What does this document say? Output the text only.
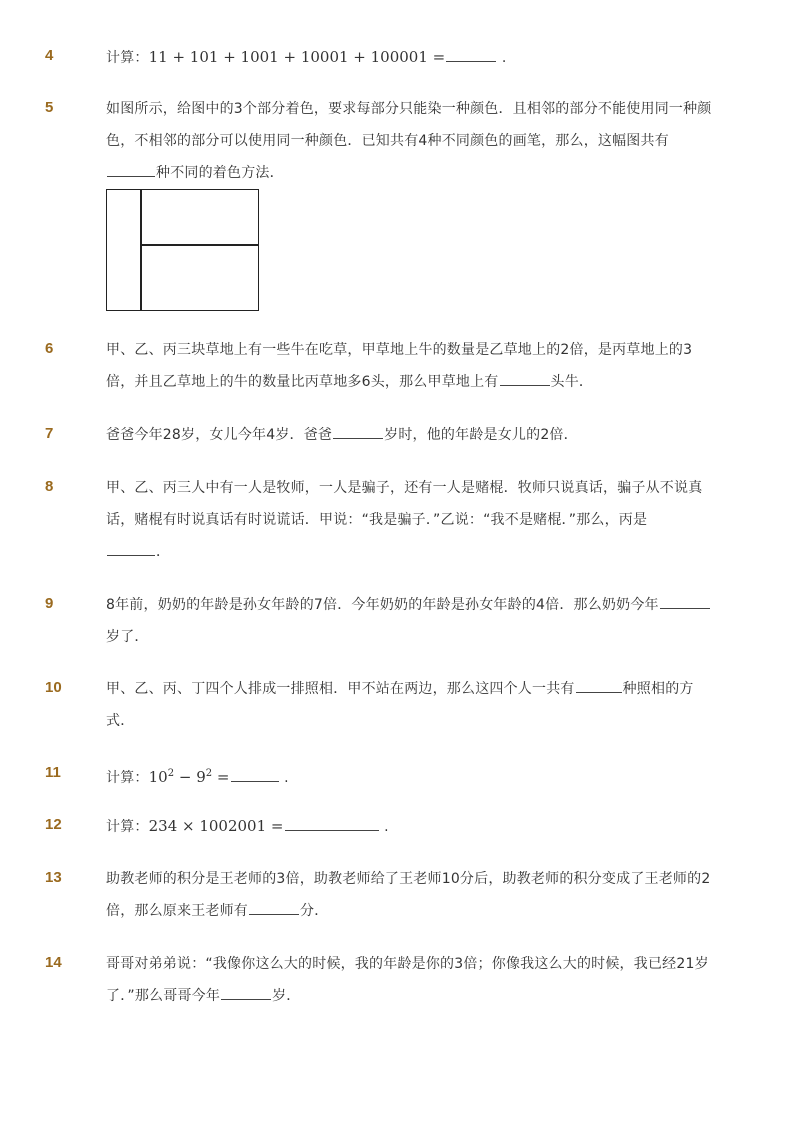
4	计算：11 + 101 + 1001 + 10001 + 100001 =	.
5	如图所示，给图中的3个部分着色，要求每部分只能染一种颜色．且相邻的部分不能使用同一种颜
色，不相邻的部分可以使用同一种颜色．已知共有4种不同颜色的画笔，那么，这幅图共有
种不同的着色方法．
6	甲、乙、丙三块草地上有一些牛在吃草，甲草地上牛的数量是乙草地上的2倍，是丙草地上的3
倍，并且乙草地上的牛的数量比丙草地多6头，那么甲草地上有	头牛．
7	爸爸今年28岁，女儿今年4岁．爸爸	岁时，他的年龄是女儿的2倍．
8	甲、乙、丙三人中有一人是牧师，一人是骗子，还有一人是赌棍．牧师只说真话，骗子从不说真
话，赌棍有时说真话有时说谎话．甲说：“我是骗子．”乙说：“我不是赌棍．”那么，丙是
．
9	8年前，奶奶的年龄是孙女年龄的7倍．今年奶奶的年龄是孙女年龄的4倍．那么奶奶今年
岁了．
10	甲、乙、丙、丁四个人排成一排照相．甲不站在两边，那么这四个人一共有	种照相的方
式．
11	计算：$10^2 - 9^2$ =	.
12	计算：234 × 1002001 =	.
13	助教老师的积分是王老师的3倍，助教老师给了王老师10分后，助教老师的积分变成了王老师的2
倍，那么原来王老师有	分．
14	哥哥对弟弟说：“我像你这么大的时候，我的年龄是你的3倍；你像我这么大的时候，我已经21岁
了．”那么哥哥今年	岁．
